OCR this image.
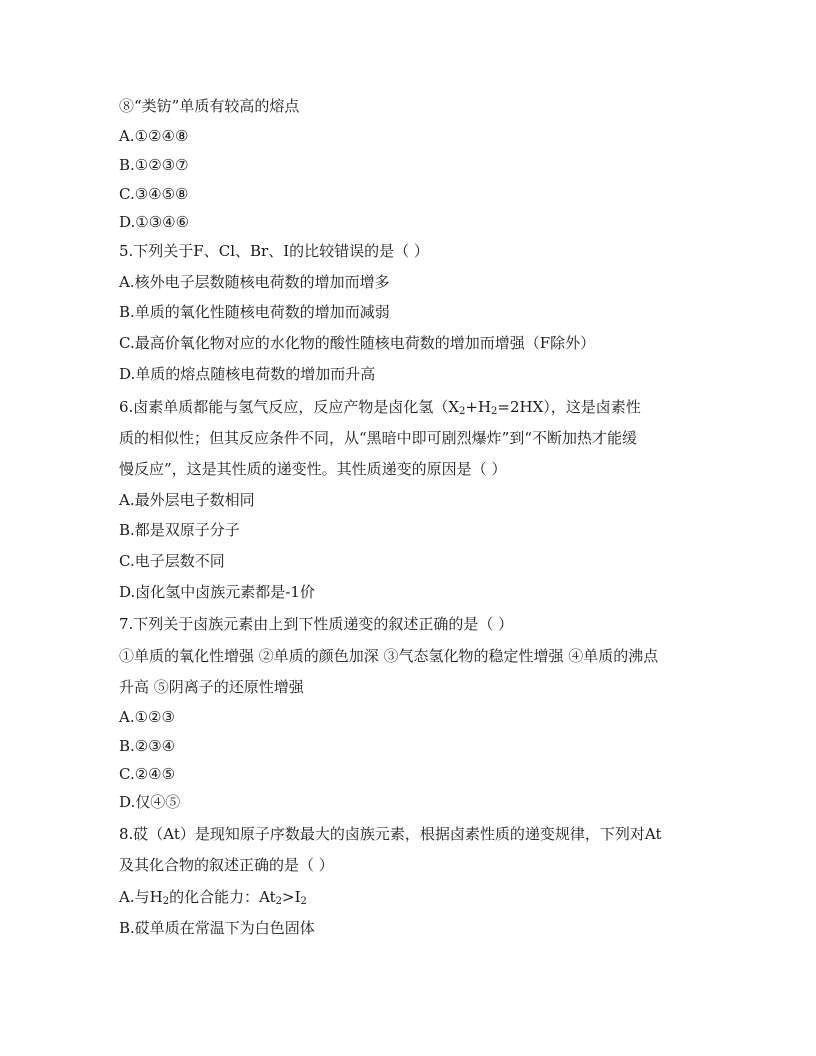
⑧“类钫”单质有较高的熔点
A.①②④⑧
B.①②③⑦
C.③④⑤⑧
D.①③④⑥
5.下列关于F、Cl、Br、I的比较错误的是（ ）
A.核外电子层数随核电荷数的增加而增多
B.单质的氧化性随核电荷数的增加而减弱
C.最高价氧化物对应的水化物的酸性随核电荷数的增加而增强（F除外）
D.单质的熔点随核电荷数的增加而升高
6.卤素单质都能与氢气反应，反应产物是卤化氢$(X_2+H_2=2HX)$，这是卤素性
质的相似性；但其反应条件不同，从“黑暗中即可剧烈爆炸”到“不断加热才能缓
慢反应”，这是其性质的递变性。其性质递变的原因是（ ）
A.最外层电子数相同
B.都是双原子分子
C.电子层数不同
D.卤化氢中卤族元素都是-1价
7.下列关于卤族元素由上到下性质递变的叙述正确的是（ ）
①单质的氧化性增强 ②单质的颜色加深 ③气态氢化物的稳定性增强 ④单质的沸点
升高 ⑤阴离子的还原性增强
A.①②③
B.②③④
C.②④⑤
D.仅④⑤
8.砹（At）是现知原子序数最大的卤族元素，根据卤素性质的递变规律，下列对At
及其化合物的叙述正确的是（ ）
A.与$H_2$的化合能力：$At_2>I_2$
B.砹单质在常温下为白色固体
